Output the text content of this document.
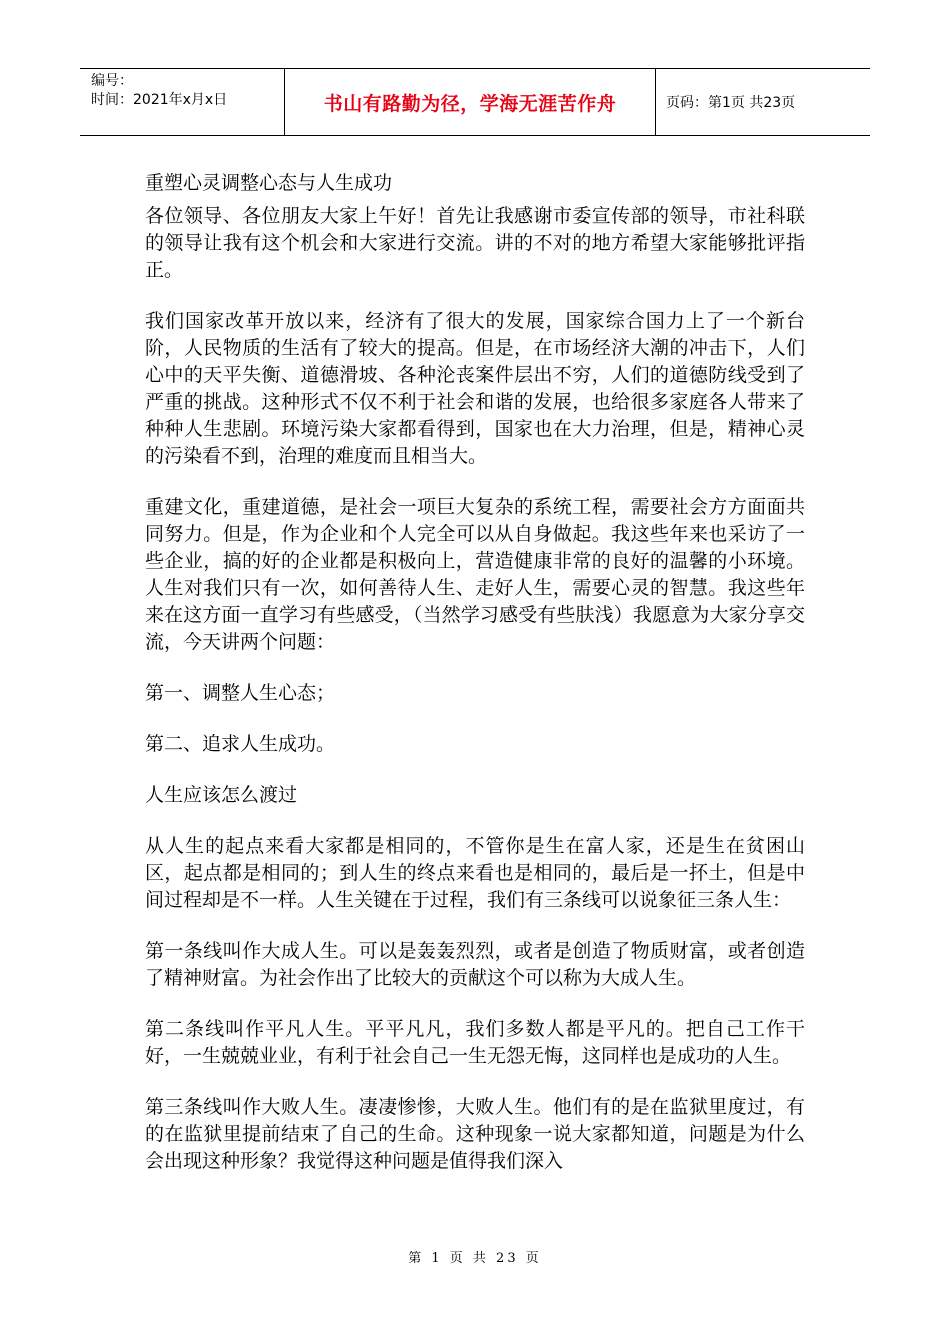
编号：
时间：2021年x月x日	书山有路勤为径，学海无涯苦作舟	页码：第1页 共23页

重塑心灵调整心态与人生成功

各位领导、各位朋友大家上午好！首先让我感谢市委宣传部的领导，市社科联的领导让我有这个机会和大家进行交流。讲的不对的地方希望大家能够批评指正。

我们国家改革开放以来，经济有了很大的发展，国家综合国力上了一个新台阶，人民物质的生活有了较大的提高。但是，在市场经济大潮的冲击下，人们心中的天平失衡、道德滑坡、各种沦丧案件层出不穷，人们的道德防线受到了严重的挑战。这种形式不仅不利于社会和谐的发展，也给很多家庭各人带来了种种人生悲剧。环境污染大家都看得到，国家也在大力治理，但是，精神心灵的污染看不到，治理的难度而且相当大。

重建文化，重建道德，是社会一项巨大复杂的系统工程，需要社会方方面面共同努力。但是，作为企业和个人完全可以从自身做起。我这些年来也采访了一些企业，搞的好的企业都是积极向上，营造健康非常的良好的温馨的小环境。人生对我们只有一次，如何善待人生、走好人生，需要心灵的智慧。我这些年来在这方面一直学习有些感受，（当然学习感受有些肤浅）我愿意为大家分享交流，今天讲两个问题：

第一、调整人生心态；

第二、追求人生成功。

人生应该怎么渡过

从人生的起点来看大家都是相同的，不管你是生在富人家，还是生在贫困山区，起点都是相同的；到人生的终点来看也是相同的，最后是一抔土，但是中间过程却是不一样。人生关键在于过程，我们有三条线可以说象征三条人生：

第一条线叫作大成人生。可以是轰轰烈烈，或者是创造了物质财富，或者创造了精神财富。为社会作出了比较大的贡献这个可以称为大成人生。

第二条线叫作平凡人生。平平凡凡，我们多数人都是平凡的。把自己工作干好，一生兢兢业业，有利于社会自己一生无怨无悔，这同样也是成功的人生。

第三条线叫作大败人生。凄凄惨惨，大败人生。他们有的是在监狱里度过，有的在监狱里提前结束了自己的生命。这种现象一说大家都知道，问题是为什么会出现这种形象？我觉得这种问题是值得我们深入

第 1 页 共 23 页
